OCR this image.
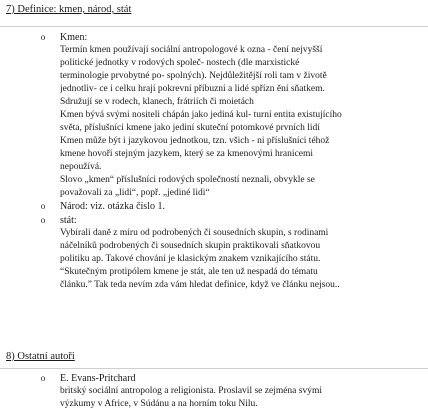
7) Definice: kmen, národ, stát
o Kmen:
Termín kmen používají sociální antropologové k ozna - čení nejvyšší
politické jednotky v rodových společ- nostech (dle marxistické
terminologie prvobytné po- spolných). Nejdůležitější roli tam v životě
jednotliv- ce i celku hrají pokrevní příbuzní a lidé spřízn ění sňatkem.
Sdružují se v rodech, klanech, frátriích či moietách
Kmen bývá svými nositeli chápán jako jediná kul- turní entita existujícího
světa, příslušníci kmene jako jediní skuteční potomkové prvních lidí
Kmen může být i jazykovou jednotkou, tzn. všich - ni příslušníci téhož
kmene hovoří stejným jazykem, který se za kmenovými hranicemi
nepoužívá.
Slovo „kmen“ příslušníci rodových společností neznali, obvykle se
považovali za „lidi“, popř. „jediné lidi“
o Národ: viz. otázka číslo 1.
o stát:
Vybírali daně z míru od podrobených či sousedních skupin, s rodinami
náčelníků podrobených či sousedních skupin praktikovali sňatkovou
politiku ap. Takové chování je klasickým znakem vznikajícího státu.
“Skutečným protipólem kmene je stát, ale ten už nespadá do tématu
článku.” Tak teda nevím zda vám hledat definice, když ve článku nejsou..
8) Ostatní autoři
o E. Evans-Pritchard
britský sociální antropolog a religionista. Proslavil se zejména svými
výzkumy v Africe, v Súdánu a na horním toku Nilu.
